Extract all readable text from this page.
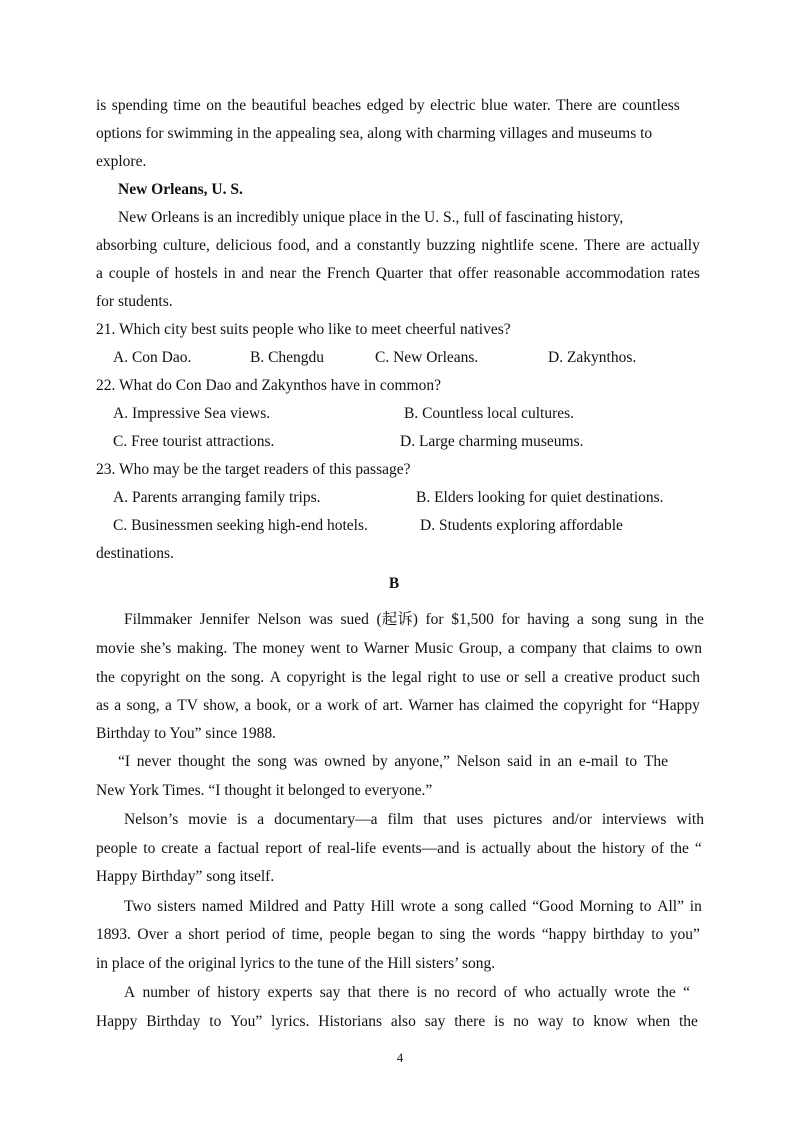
is spending time on the beautiful beaches edged by electric blue water. There are countless
options for swimming in the appealing sea, along with charming villages and museums to
explore.
New Orleans, U. S.
New Orleans is an incredibly unique place in the U. S., full of fascinating history,
absorbing culture, delicious food, and a constantly buzzing nightlife scene. There are actually
a couple of hostels in and near the French Quarter that offer reasonable accommodation rates
for students.
21. Which city best suits people who like to meet cheerful natives?
A. Con Dao.	B. Chengdu	C. New Orleans.	D. Zakynthos.
22. What do Con Dao and Zakynthos have in common?
A. Impressive Sea views.	B. Countless local cultures.
C. Free tourist attractions.	D. Large charming museums.
23. Who may be the target readers of this passage?
A. Parents arranging family trips.	B. Elders looking for quiet destinations.
C. Businessmen seeking high-end hotels.	D. Students exploring affordable
destinations.
B
Filmmaker Jennifer Nelson was sued (起诉) for $1,500 for having a song sung in the
movie she’s making. The money went to Warner Music Group, a company that claims to own
the copyright on the song. A copyright is the legal right to use or sell a creative product such
as a song, a TV show, a book, or a work of art. Warner has claimed the copyright for “Happy
Birthday to You” since 1988.
“I never thought the song was owned by anyone,” Nelson said in an e-mail to The
New York Times. “I thought it belonged to everyone.”
Nelson’s movie is a documentary—a film that uses pictures and/or interviews with
people to create a factual report of real-life events—and is actually about the history of the “
Happy Birthday” song itself.
Two sisters named Mildred and Patty Hill wrote a song called “Good Morning to All” in
1893. Over a short period of time, people began to sing the words “happy birthday to you”
in place of the original lyrics to the tune of the Hill sisters’ song.
A number of history experts say that there is no record of who actually wrote the “
Happy Birthday to You” lyrics. Historians also say there is no way to know when the
4
